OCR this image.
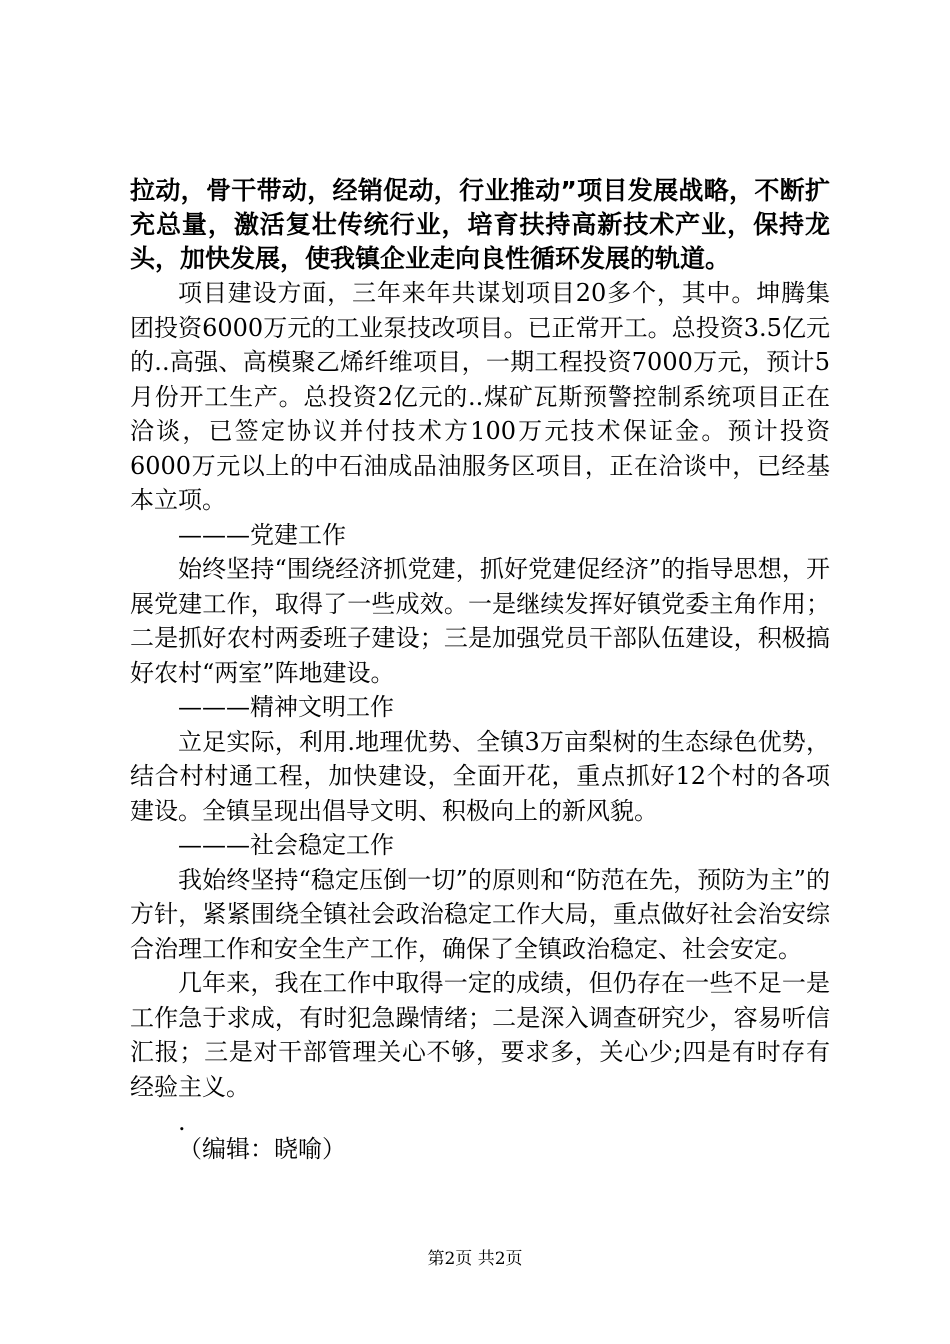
拉动，骨干带动，经销促动，行业推动”项目发展战略，不断扩充总量，激活复壮传统行业，培育扶持高新技术产业，保持龙头，加快发展，使我镇企业走向良性循环发展的轨道。

项目建设方面，三年来年共谋划项目20多个，其中。坤腾集团投资6000万元的工业泵技改项目。已正常开工。总投资3.5亿元的..高强、高模聚乙烯纤维项目，一期工程投资7000万元，预计5月份开工生产。总投资2亿元的..煤矿瓦斯预警控制系统项目正在洽谈，已签定协议并付技术方100万元技术保证金。预计投资6000万元以上的中石油成品油服务区项目，正在洽谈中，已经基本立项。

———党建工作

始终坚持“围绕经济抓党建，抓好党建促经济”的指导思想，开展党建工作，取得了一些成效。一是继续发挥好镇党委主角作用；二是抓好农村两委班子建设；三是加强党员干部队伍建设，积极搞好农村“两室”阵地建设。

———精神文明工作

立足实际，利用.地理优势、全镇3万亩梨树的生态绿色优势，结合村村通工程，加快建设，全面开花，重点抓好12个村的各项建设。全镇呈现出倡导文明、积极向上的新风貌。

———社会稳定工作

我始终坚持“稳定压倒一切”的原则和“防范在先，预防为主”的方针，紧紧围绕全镇社会政治稳定工作大局，重点做好社会治安综合治理工作和安全生产工作，确保了全镇政治稳定、社会安定。

几年来，我在工作中取得一定的成绩，但仍存在一些不足一是工作急于求成，有时犯急躁情绪；二是深入调查研究少，容易听信汇报；三是对干部管理关心不够，要求多，关心少;四是有时存有经验主义。

.

（编辑：晓喻）

第2页 共2页
